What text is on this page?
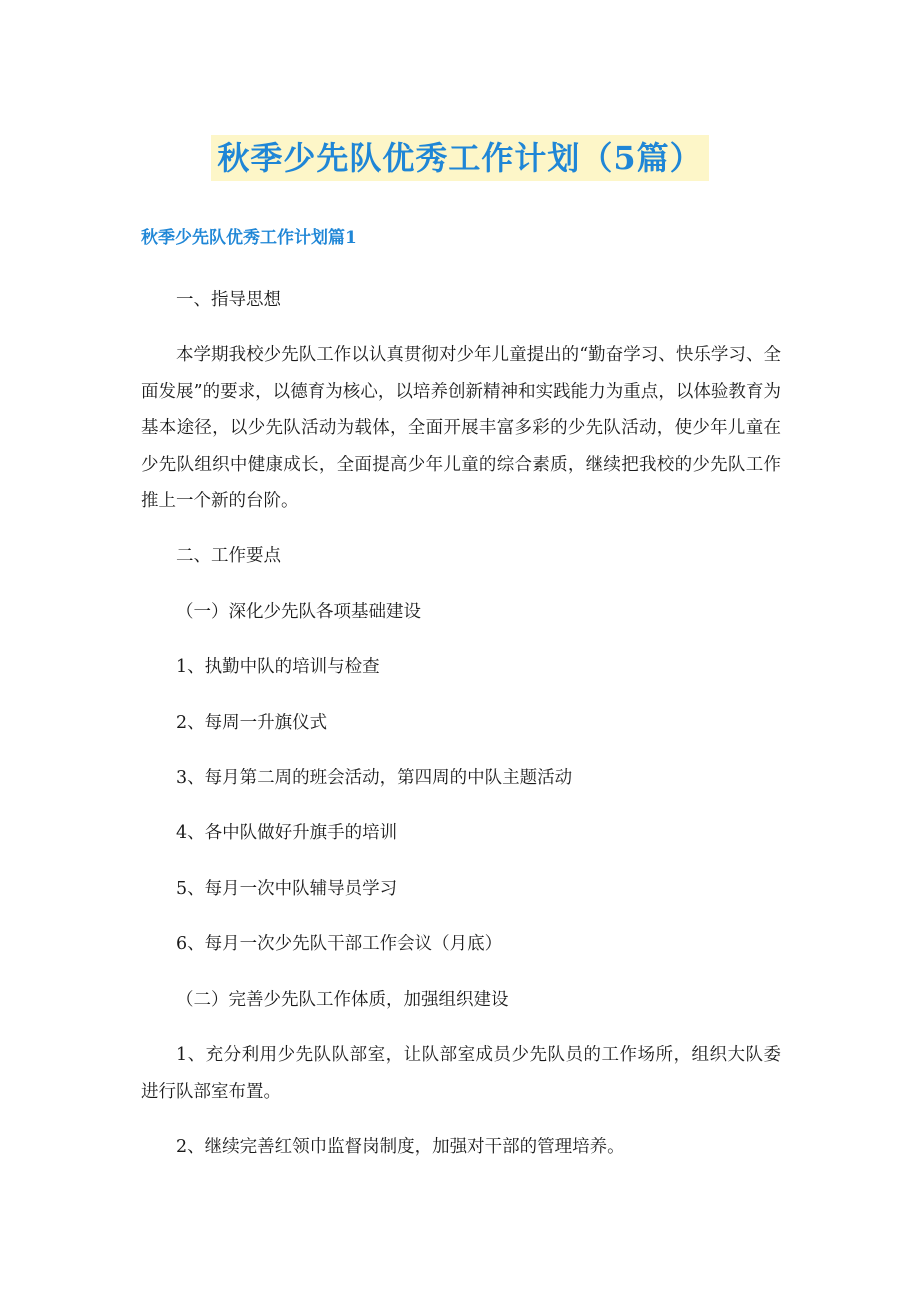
秋季少先队优秀工作计划（5篇）
秋季少先队优秀工作计划篇1

一、指导思想

本学期我校少先队工作以认真贯彻对少年儿童提出的“勤奋学习、快乐学习、全面发展”的要求，以德育为核心，以培养创新精神和实践能力为重点，以体验教育为基本途径，以少先队活动为载体，全面开展丰富多彩的少先队活动，使少年儿童在少先队组织中健康成长，全面提高少年儿童的综合素质，继续把我校的少先队工作推上一个新的台阶。

二、工作要点

（一）深化少先队各项基础建设

1、执勤中队的培训与检查

2、每周一升旗仪式

3、每月第二周的班会活动，第四周的中队主题活动

4、各中队做好升旗手的培训

5、每月一次中队辅导员学习

6、每月一次少先队干部工作会议（月底）

（二）完善少先队工作体质，加强组织建设

1、充分利用少先队队部室，让队部室成员少先队员的工作场所，组织大队委进行队部室布置。

2、继续完善红领巾监督岗制度，加强对干部的管理培养。
